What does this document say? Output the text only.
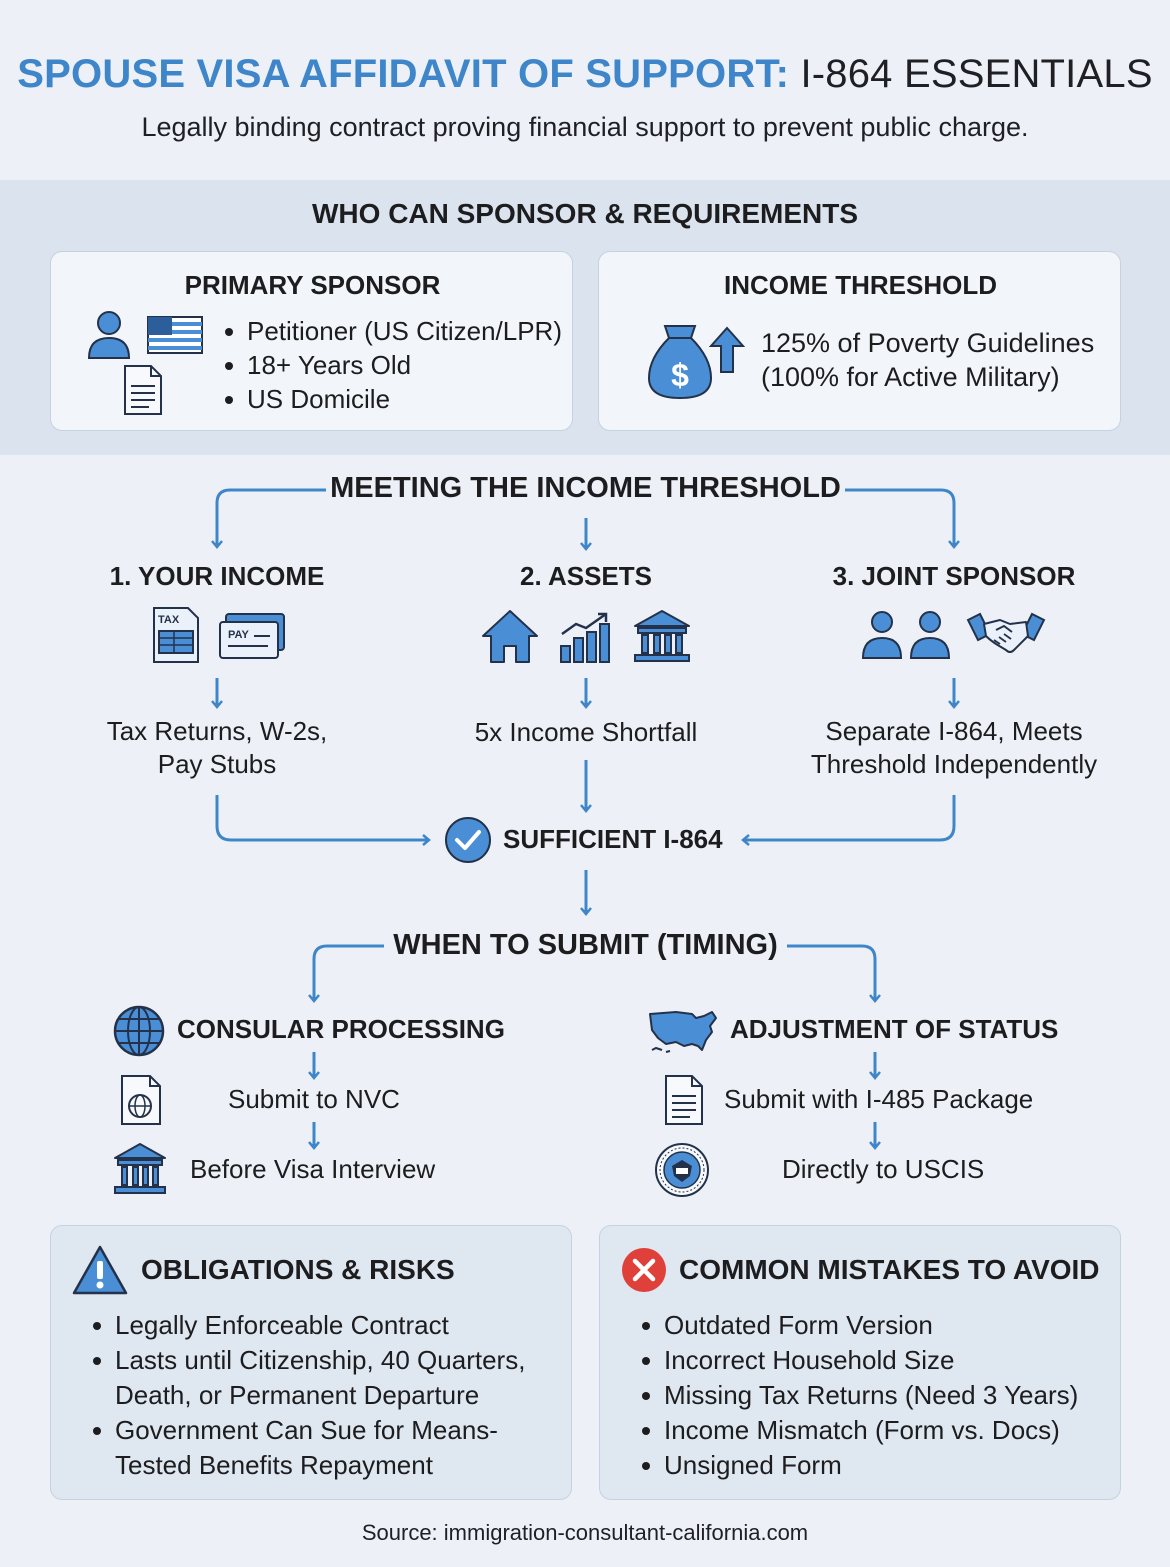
SPOUSE VISA AFFIDAVIT OF SUPPORT: I-864 ESSENTIALS
Legally binding contract proving financial support to prevent public charge.
WHO CAN SPONSOR & REQUIREMENTS
PRIMARY SPONSOR
Petitioner (US Citizen/LPR)
18+ Years Old
US Domicile
INCOME THRESHOLD
$
125% of Poverty Guidelines
(100% for Active Military)
MEETING THE INCOME THRESHOLD
1. YOUR INCOME	2. ASSETS	3. JOINT SPONSOR
TAX
PAY
Tax Returns, W-2s,
Pay Stubs
5x Income Shortfall	Separate I-864, Meets
Threshold Independently
SUFFICIENT I-864
WHEN TO SUBMIT (TIMING)
CONSULAR PROCESSING
Submit to NVC
Before Visa Interview
ADJUSTMENT OF STATUS
Submit with I-485 Package
Directly to USCIS
OBLIGATIONS & RISKS
Legally Enforceable Contract
Lasts until Citizenship, 40 Quarters, Death, or Permanent Departure
Government Can Sue for Means-Tested Benefits Repayment
COMMON MISTAKES TO AVOID
Outdated Form Version
Incorrect Household Size
Missing Tax Returns (Need 3 Years)
Income Mismatch (Form vs. Docs)
Unsigned Form
Source: immigration-consultant-california.com
